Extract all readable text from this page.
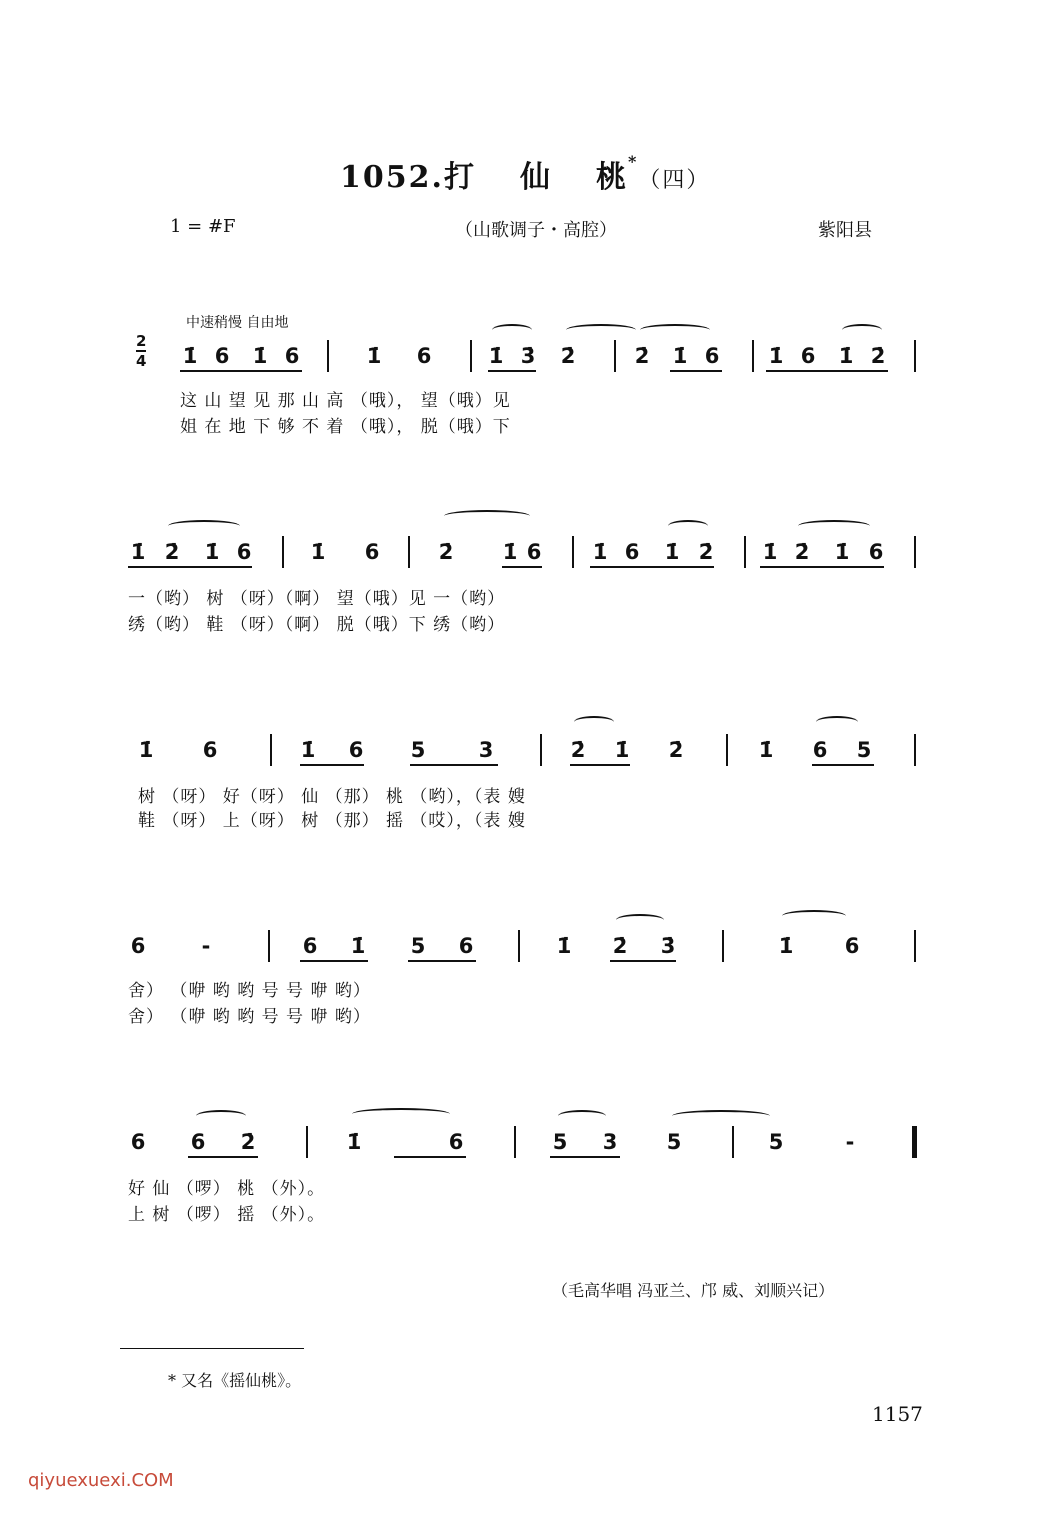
1052.打 仙 桃*（四）
1 = #F	（山歌调子・高腔）	紫阳县
中速稍慢 自由地
2
4 1̇ 6 1̇ 6	1̇ 6	1̇ 3̇ 2̇	2̇ 1̇ 6 1̇ 6 1̇ 2̇
这 山 望 见 那 山 高 （哦）， 望（哦）见
姐 在 地 下 够 不 着 （哦）， 脱（哦）下
1̇ 2̇ 1̇ 6	1̇ 6	2̇ 1̇ 6 1̇ 6 1̇ 2̇ 1̇ 2̇ 1̇ 6
一（哟） 树 （呀）（啊） 望（哦）见 一（哟）
绣（哟） 鞋 （呀）（啊） 脱（哦）下 绣（哟）
1̇ 6	1̇ 6 5	3	2̇ 1̇ 2̇	1̇ 6 5
树 （呀） 好（呀） 仙 （那） 桃 （哟），（表 嫂
鞋 （呀） 上（呀） 树 （那） 摇 （哎），（表 嫂
6	-	6 1̇ 5 6	1̇ 2̇ 3̇	1̇ 6
舍） （咿 哟 哟 号 号 咿 哟）
舍） （咿 哟 哟 号 号 咿 哟）
6 6 2̇	1̇	6	5 3 5	5	-
好 仙 （啰） 桃 （外）。
上 树 （啰） 摇 （外）。
（毛高华唱 冯亚兰、邝 威、刘顺兴记）
* 又名《摇仙桃》。
1157
qiyuexuexi.COM
